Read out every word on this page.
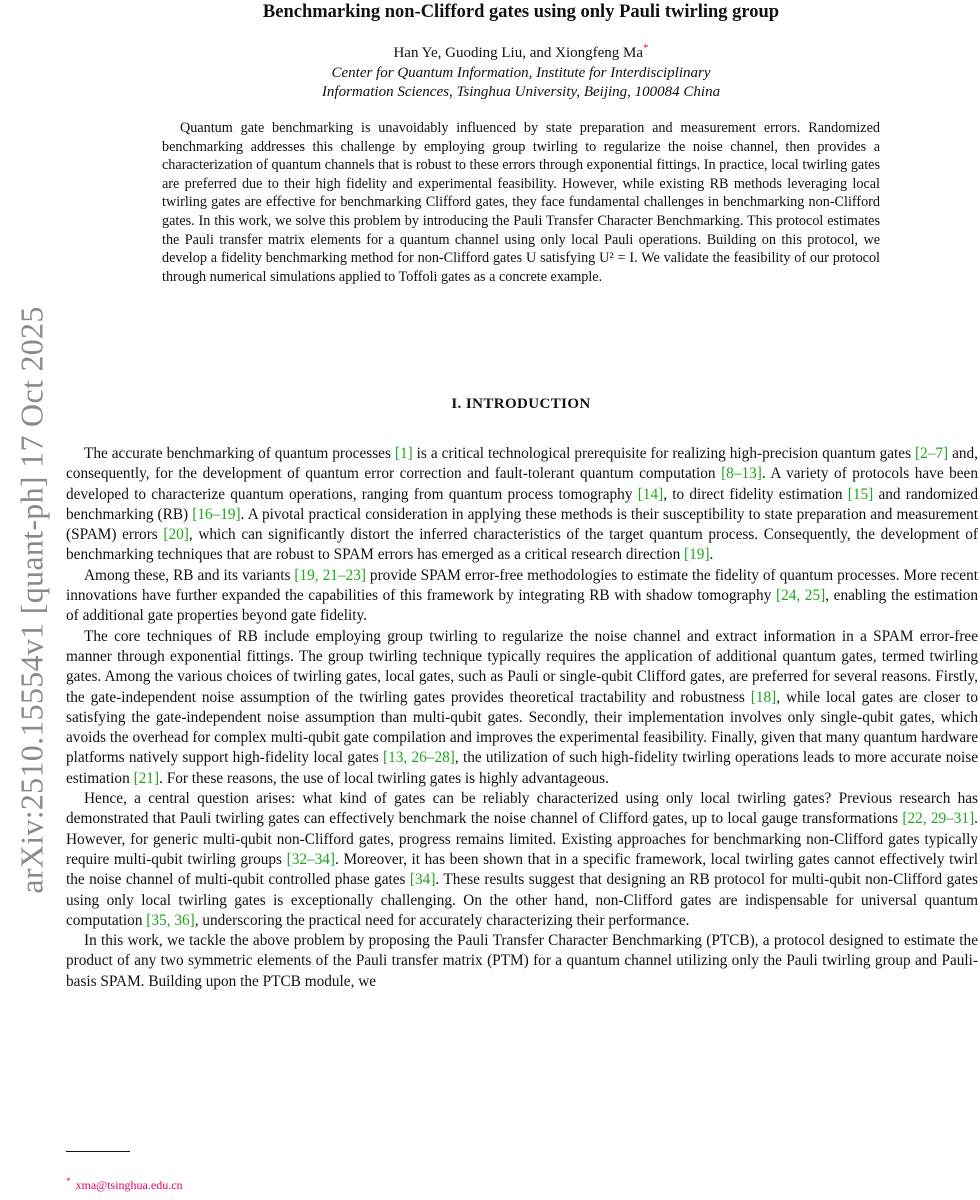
arXiv:2510.15554v1 [quant-ph] 17 Oct 2025
Benchmarking non-Clifford gates using only Pauli twirling group
Han Ye, Guoding Liu, and Xiongfeng Ma*
Center for Quantum Information, Institute for Interdisciplinary
Information Sciences, Tsinghua University, Beijing, 100084 China

Quantum gate benchmarking is unavoidably influenced by state preparation and measurement errors. Randomized benchmarking addresses this challenge by employing group twirling to regularize the noise channel, then provides a characterization of quantum channels that is robust to these errors through exponential fittings. In practice, local twirling gates are preferred due to their high fidelity and experimental feasibility. However, while existing RB methods leveraging local twirling gates are effective for benchmarking Clifford gates, they face fundamental challenges in benchmarking non-Clifford gates. In this work, we solve this problem by introducing the Pauli Transfer Character Benchmarking. This protocol estimates the Pauli transfer matrix elements for a quantum channel using only local Pauli operations. Building on this protocol, we develop a fidelity benchmarking method for non-Clifford gates U satisfying U² = I. We validate the feasibility of our protocol through numerical simulations applied to Toffoli gates as a concrete example.

I. INTRODUCTION

The accurate benchmarking of quantum processes [1] is a critical technological prerequisite for realizing high-precision quantum gates [2–7] and, consequently, for the development of quantum error correction and fault-tolerant quantum computation [8–13]. A variety of protocols have been developed to characterize quantum operations, ranging from quantum process tomography [14], to direct fidelity estimation [15] and randomized benchmarking (RB) [16–19]. A pivotal practical consideration in applying these methods is their susceptibility to state preparation and measurement (SPAM) errors [20], which can significantly distort the inferred characteristics of the target quantum process. Consequently, the development of benchmarking techniques that are robust to SPAM errors has emerged as a critical research direction [19].

Among these, RB and its variants [19, 21–23] provide SPAM error-free methodologies to estimate the fidelity of quantum processes. More recent innovations have further expanded the capabilities of this framework by integrating RB with shadow tomography [24, 25], enabling the estimation of additional gate properties beyond gate fidelity.

The core techniques of RB include employing group twirling to regularize the noise channel and extract information in a SPAM error-free manner through exponential fittings. The group twirling technique typically requires the application of additional quantum gates, termed twirling gates. Among the various choices of twirling gates, local gates, such as Pauli or single-qubit Clifford gates, are preferred for several reasons. Firstly, the gate-independent noise assumption of the twirling gates provides theoretical tractability and robustness [18], while local gates are closer to satisfying the gate-independent noise assumption than multi-qubit gates. Secondly, their implementation involves only single-qubit gates, which avoids the overhead for complex multi-qubit gate compilation and improves the experimental feasibility. Finally, given that many quantum hardware platforms natively support high-fidelity local gates [13, 26–28], the utilization of such high-fidelity twirling operations leads to more accurate noise estimation [21]. For these reasons, the use of local twirling gates is highly advantageous.

Hence, a central question arises: what kind of gates can be reliably characterized using only local twirling gates? Previous research has demonstrated that Pauli twirling gates can effectively benchmark the noise channel of Clifford gates, up to local gauge transformations [22, 29–31]. However, for generic multi-qubit non-Clifford gates, progress remains limited. Existing approaches for benchmarking non-Clifford gates typically require multi-qubit twirling groups [32–34]. Moreover, it has been shown that in a specific framework, local twirling gates cannot effectively twirl the noise channel of multi-qubit controlled phase gates [34]. These results suggest that designing an RB protocol for multi-qubit non-Clifford gates using only local twirling gates is exceptionally challenging. On the other hand, non-Clifford gates are indispensable for universal quantum computation [35, 36], underscoring the practical need for accurately characterizing their performance.

In this work, we tackle the above problem by proposing the Pauli Transfer Character Benchmarking (PTCB), a protocol designed to estimate the product of any two symmetric elements of the Pauli transfer matrix (PTM) for a quantum channel utilizing only the Pauli twirling group and Pauli-basis SPAM. Building upon the PTCB module, we

* xma@tsinghua.edu.cn
